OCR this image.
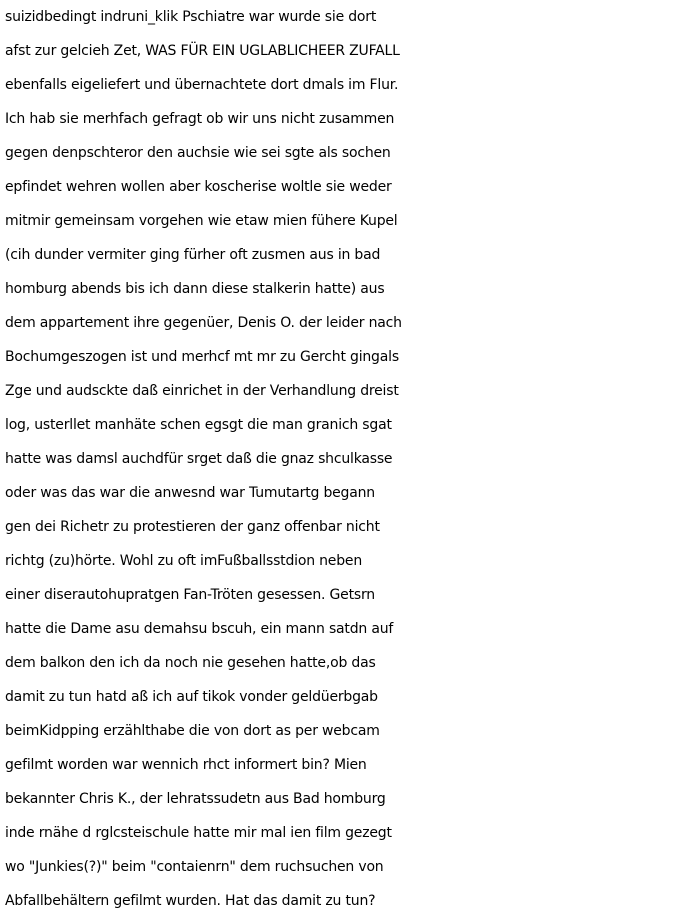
suizidbedingt indruni_klik Pschiatre war wurde sie dort
afst zur gelcieh Zet, WAS FÜR EIN UGLABLICHEER ZUFALL
ebenfalls eigeliefert und übernachtete dort dmals im Flur.
Ich hab sie merhfach gefragt ob wir uns nicht zusammen
gegen denpschteror den auchsie wie sei sgte als sochen
epfindet wehren wollen aber koscherise woltle sie weder
mitmir gemeinsam vorgehen wie etaw mien fühere Kupel
(cih dunder vermiter ging fürher oft zusmen aus in bad
homburg abends bis ich dann diese stalkerin hatte) aus
dem appartement ihre gegenüer, Denis O. der leider nach
Bochumgeszogen ist und merhcf mt mr zu Gercht gingals
Zge und audsckte daß einrichet in der Verhandlung dreist
log, usterllet manhäte schen egsgt die man granich sgat
hatte was damsl auchdfür srget daß die gnaz shculkasse
oder was das war die anwesnd war Tumutartg begann
gen dei Richetr zu protestieren der ganz offenbar nicht
richtg (zu)hörte. Wohl zu oft imFußballsstdion neben
einer diserautohupratgen Fan-Tröten gesessen. Getsrn
hatte die Dame asu demahsu bscuh, ein mann satdn auf
dem balkon den ich da noch nie gesehen hatte,ob das
damit zu tun hatd aß ich auf tikok vonder geldüerbgab
beimKidpping erzählthabe die von dort as per webcam
gefilmt worden war wennich rhct informert bin? Mien
bekannter Chris K., der lehratssudetn aus Bad homburg
inde rnähe d rglcsteischule hatte mir mal ien film gezegt
wo "Junkies(?)" beim "contaienrn" dem ruchsuchen von
Abfallbehältern gefilmt wurden. Hat das damit zu tun?
